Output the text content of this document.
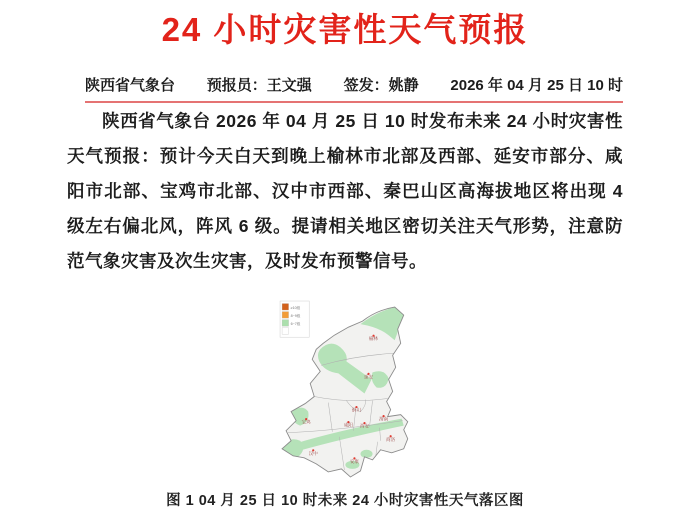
24 小时灾害性天气预报
陕西省气象台 预报员：王文强 签发：姚静 2026 年 04 月 25 日 10 时

陕西省气象台 2026 年 04 月 25 日 10 时发布未来 24 小时灾害性天气预报：预计今天白天到晚上榆林市北部及西部、延安市部分、咸阳市北部、宝鸡市北部、汉中市西部、秦巴山区高海拔地区将出现 4 级左右偏北风，阵风 6 级。提请相关地区密切关注天气形势，注意防范气象灾害及次生灾害，及时发布预警信号。

≥10级
8~9级
6~7级
榆林
延安
铜川
渭南
宝鸡
咸阳 西安
商洛
汉中
安康
图 1 04 月 25 日 10 时未来 24 小时灾害性天气落区图
